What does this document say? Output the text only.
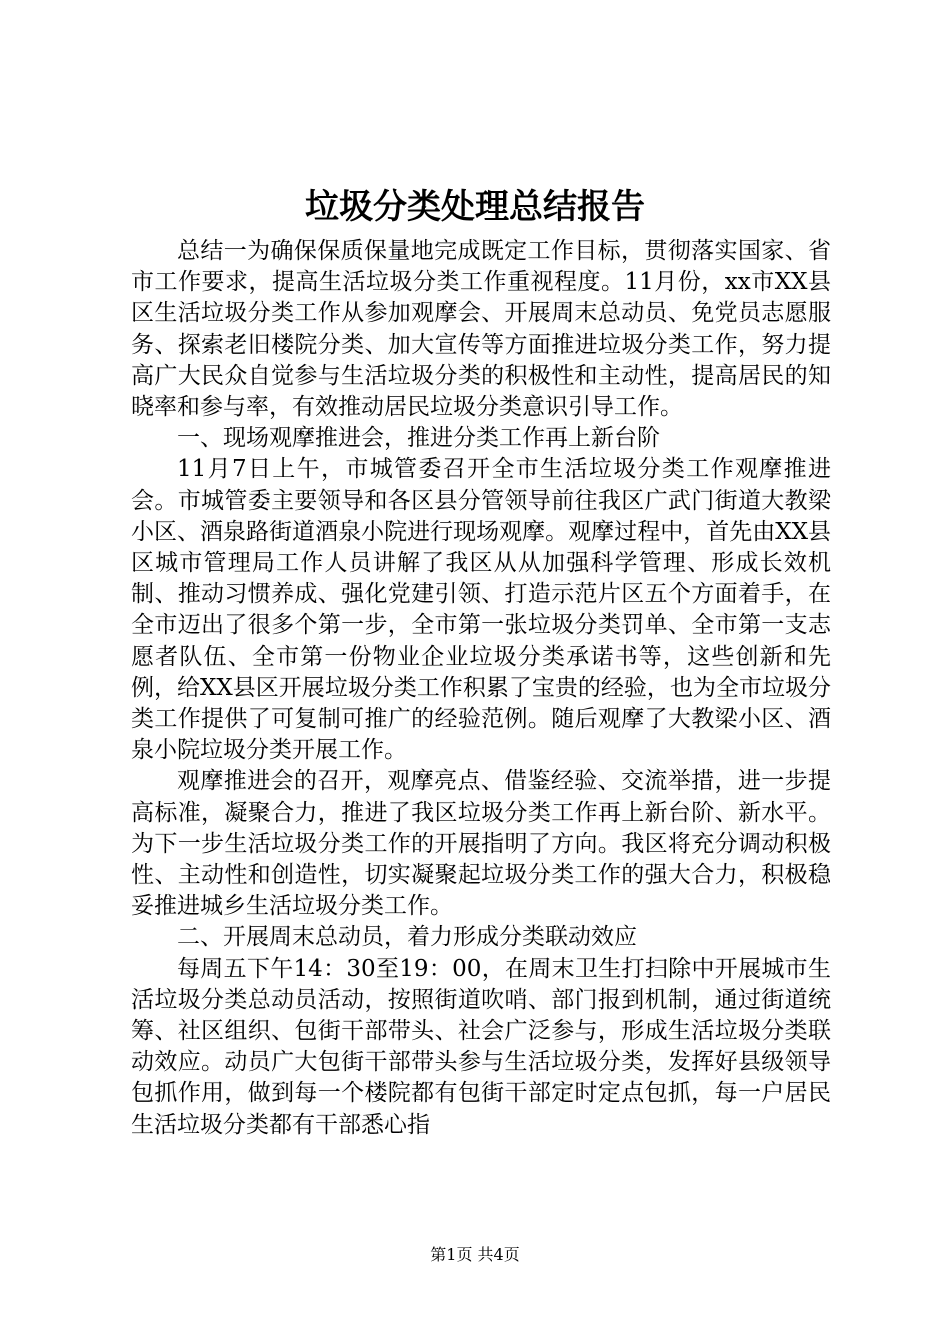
垃圾分类处理总结报告

总结一为确保保质保量地完成既定工作目标，贯彻落实国家、省市工作要求，提高生活垃圾分类工作重视程度。11月份，xx市XX县区生活垃圾分类工作从参加观摩会、开展周末总动员、免党员志愿服务、探索老旧楼院分类、加大宣传等方面推进垃圾分类工作，努力提高广大民众自觉参与生活垃圾分类的积极性和主动性，提高居民的知晓率和参与率，有效推动居民垃圾分类意识引导工作。

一、现场观摩推进会，推进分类工作再上新台阶

11月7日上午，市城管委召开全市生活垃圾分类工作观摩推进会。市城管委主要领导和各区县分管领导前往我区广武门街道大教梁小区、酒泉路街道酒泉小院进行现场观摩。观摩过程中，首先由XX县区城市管理局工作人员讲解了我区从从加强科学管理、形成长效机制、推动习惯养成、强化党建引领、打造示范片区五个方面着手，在全市迈出了很多个第一步，全市第一张垃圾分类罚单、全市第一支志愿者队伍、全市第一份物业企业垃圾分类承诺书等，这些创新和先例，给XX县区开展垃圾分类工作积累了宝贵的经验，也为全市垃圾分类工作提供了可复制可推广的经验范例。随后观摩了大教梁小区、酒泉小院垃圾分类开展工作。

观摩推进会的召开，观摩亮点、借鉴经验、交流举措，进一步提高标准，凝聚合力，推进了我区垃圾分类工作再上新台阶、新水平。为下一步生活垃圾分类工作的开展指明了方向。我区将充分调动积极性、主动性和创造性，切实凝聚起垃圾分类工作的强大合力，积极稳妥推进城乡生活垃圾分类工作。

二、开展周末总动员，着力形成分类联动效应

每周五下午14：30至19：00，在周末卫生打扫除中开展城市生活垃圾分类总动员活动，按照街道吹哨、部门报到机制，通过街道统筹、社区组织、包街干部带头、社会广泛参与，形成生活垃圾分类联动效应。动员广大包街干部带头参与生活垃圾分类，发挥好县级领导包抓作用，做到每一个楼院都有包街干部定时定点包抓，每一户居民生活垃圾分类都有干部悉心指

第1页 共4页
